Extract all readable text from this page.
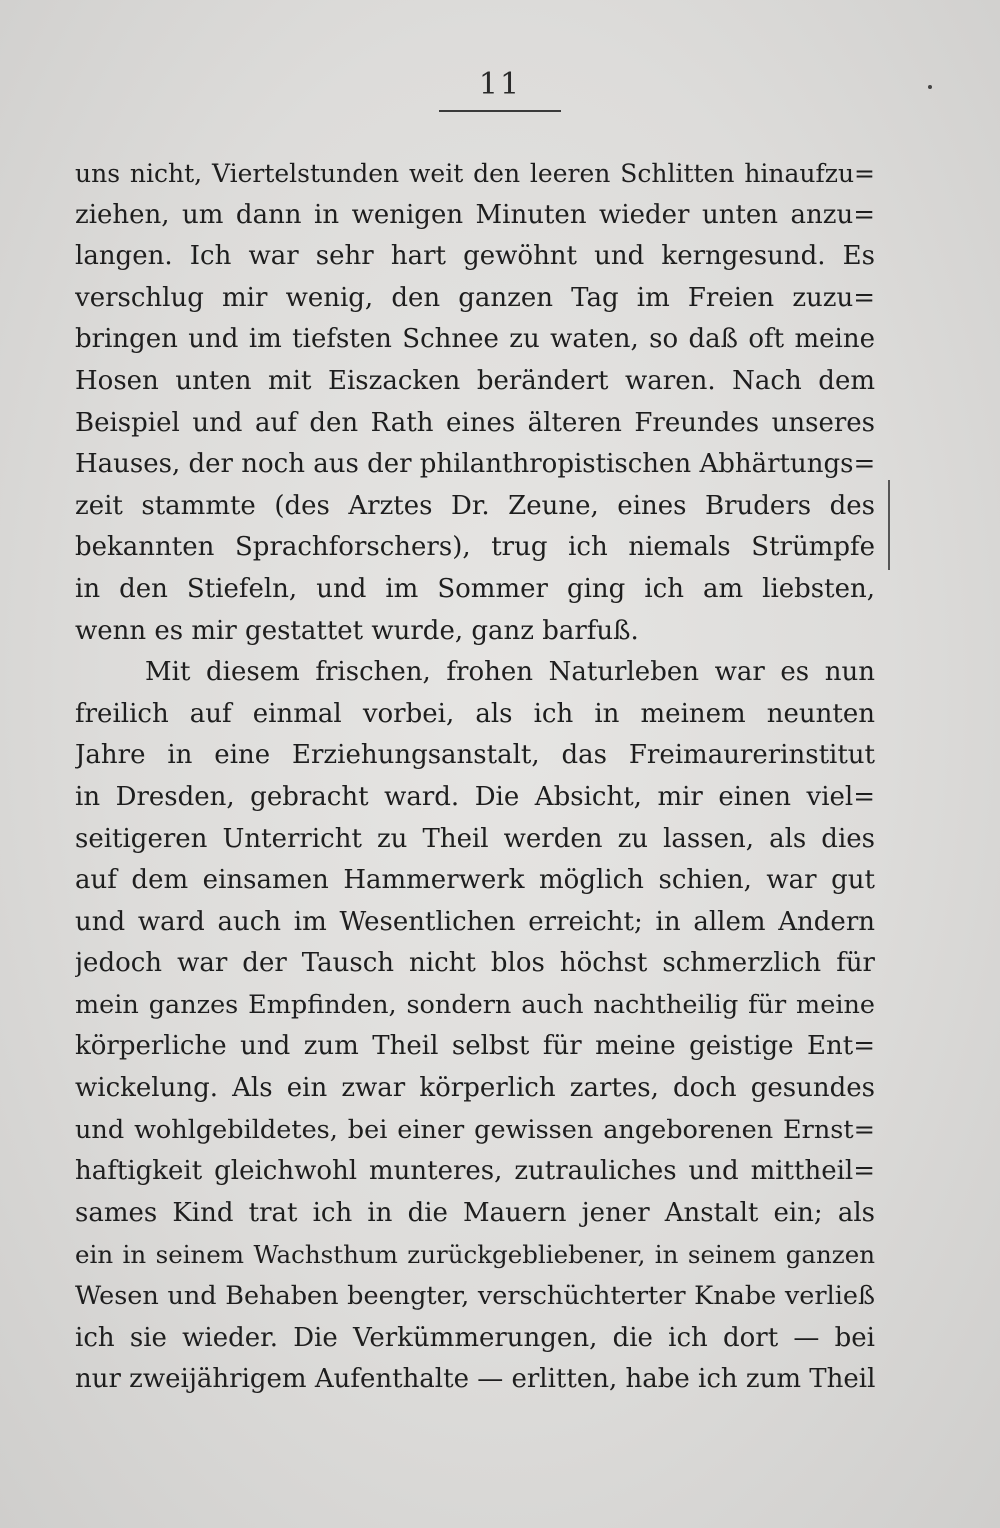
11
uns nicht, Viertelstunden weit den leeren Schlitten hinaufzu=
ziehen, um dann in wenigen Minuten wieder unten anzu=
langen. Ich war sehr hart gewöhnt und kerngesund. Es
verschlug mir wenig, den ganzen Tag im Freien zuzu=
bringen und im tiefsten Schnee zu waten, so daß oft meine
Hosen unten mit Eiszacken berändert waren. Nach dem
Beispiel und auf den Rath eines älteren Freundes unseres
Hauses, der noch aus der philanthropistischen Abhärtungs=
zeit stammte (des Arztes Dr. Zeune, eines Bruders des
bekannten Sprachforschers), trug ich niemals Strümpfe
in den Stiefeln, und im Sommer ging ich am liebsten,
wenn es mir gestattet wurde, ganz barfuß.
Mit diesem frischen, frohen Naturleben war es nun
freilich auf einmal vorbei, als ich in meinem neunten
Jahre in eine Erziehungsanstalt, das Freimaurerinstitut
in Dresden, gebracht ward. Die Absicht, mir einen viel=
seitigeren Unterricht zu Theil werden zu lassen, als dies
auf dem einsamen Hammerwerk möglich schien, war gut
und ward auch im Wesentlichen erreicht; in allem Andern
jedoch war der Tausch nicht blos höchst schmerzlich für
mein ganzes Empfinden, sondern auch nachtheilig für meine
körperliche und zum Theil selbst für meine geistige Ent=
wickelung. Als ein zwar körperlich zartes, doch gesundes
und wohlgebildetes, bei einer gewissen angeborenen Ernst=
haftigkeit gleichwohl munteres, zutrauliches und mittheil=
sames Kind trat ich in die Mauern jener Anstalt ein; als
ein in seinem Wachsthum zurückgebliebener, in seinem ganzen
Wesen und Behaben beengter, verschüchterter Knabe verließ
ich sie wieder. Die Verkümmerungen, die ich dort — bei
nur zweijährigem Aufenthalte — erlitten, habe ich zum Theil
